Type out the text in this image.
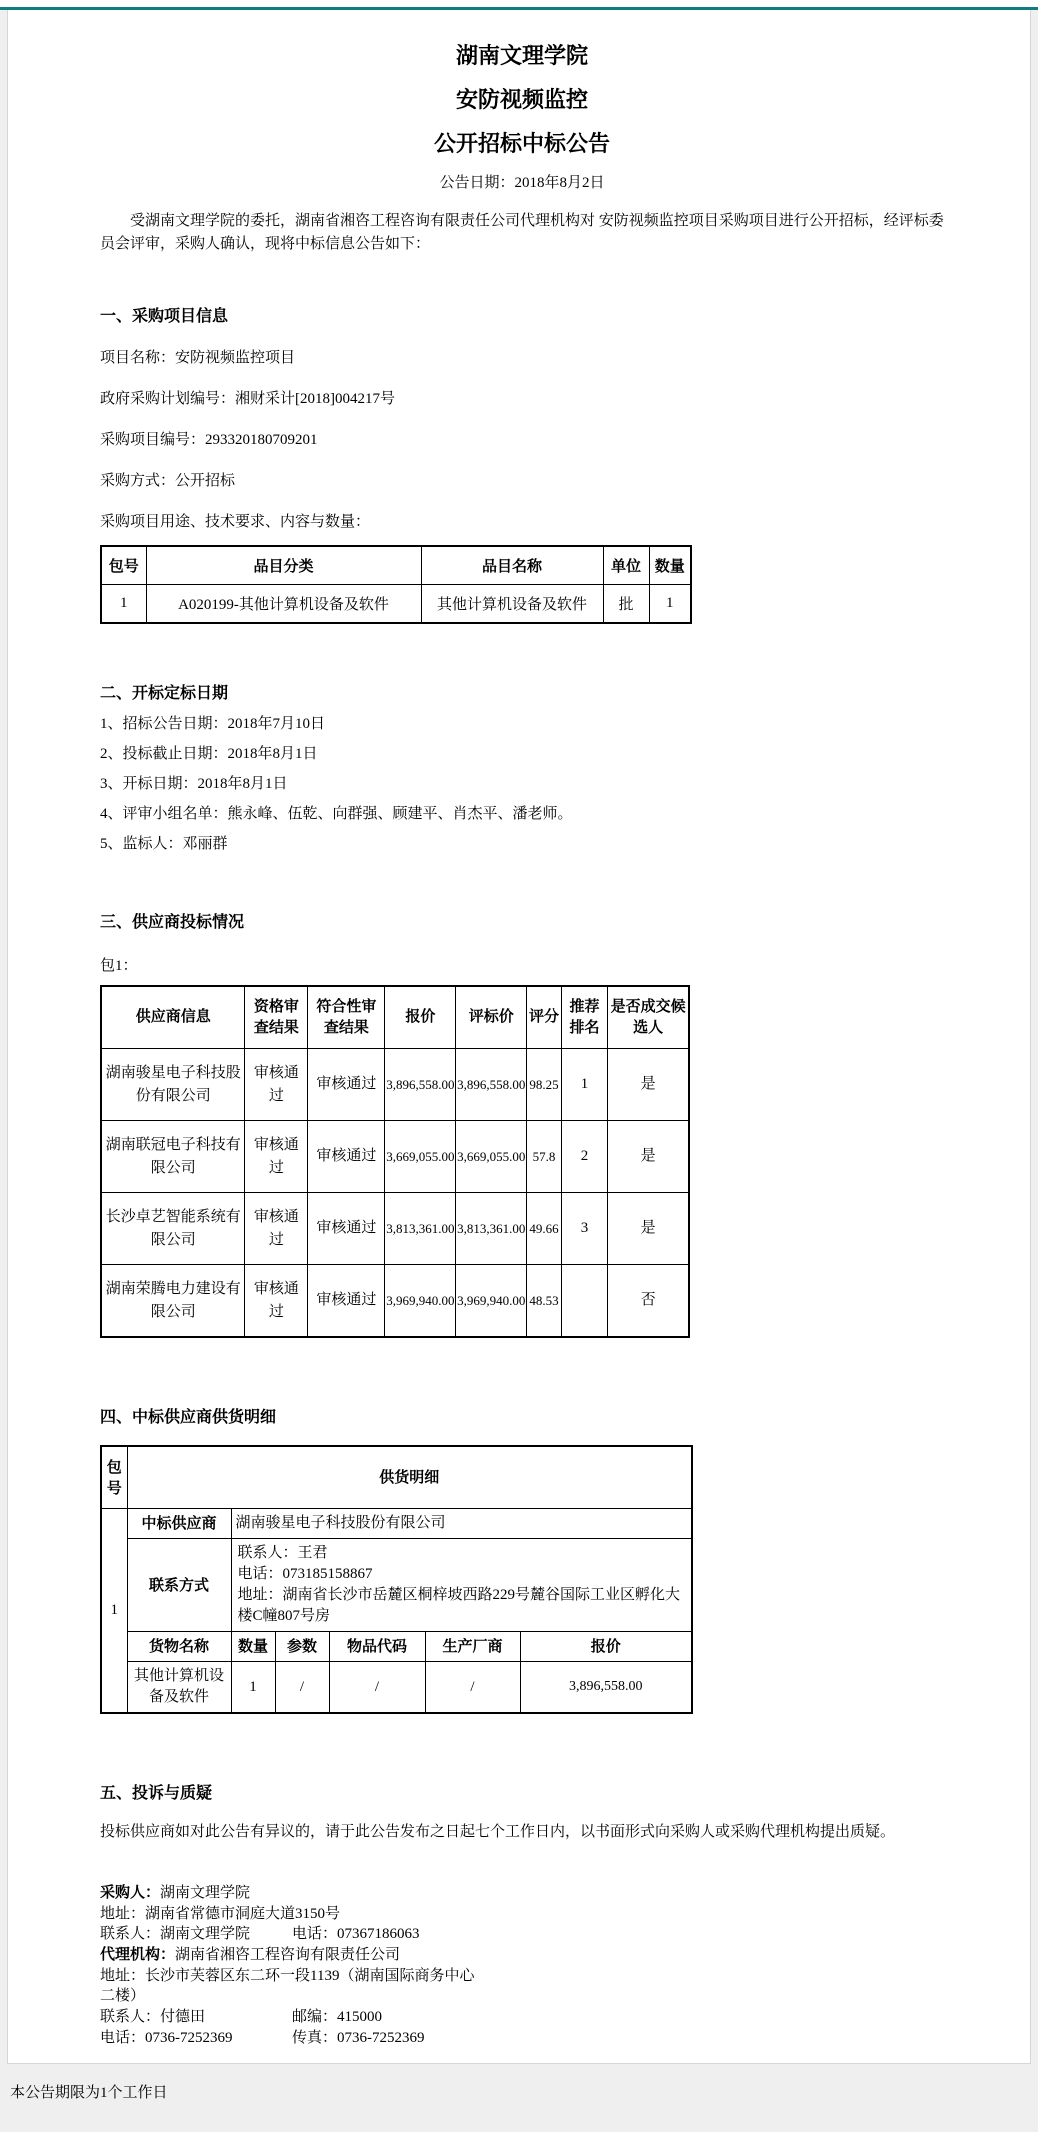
湖南文理学院
安防视频监控
公开招标中标公告

公告日期：2018年8月2日

受湖南文理学院的委托，湖南省湘咨工程咨询有限责任公司代理机构对 安防视频监控项目采购项目进行公开招标，经评标委员会评审，采购人确认，现将中标信息公告如下：

一、采购项目信息

项目名称：安防视频监控项目

政府采购计划编号：湘财采计[2018]004217号

采购项目编号：293320180709201

采购方式：公开招标

采购项目用途、技术要求、内容与数量：

包号	品目分类	品目名称	单位	数量
1	A020199-其他计算机设备及软件	其他计算机设备及软件	批	1

二、开标定标日期

1、招标公告日期：2018年7月10日

2、投标截止日期：2018年8月1日

3、开标日期：2018年8月1日

4、评审小组名单：熊永峰、伍乾、向群强、顾建平、肖杰平、潘老师。

5、监标人：邓丽群

三、供应商投标情况

包1：

供应商信息	资格审查结果	符合性审查结果	报价	评标价	评分	推荐排名	是否成交候选人
湖南骏星电子科技股份有限公司	审核通过	审核通过	3,896,558.00	3,896,558.00	98.25	1	是
湖南联冠电子科技有限公司	审核通过	审核通过	3,669,055.00	3,669,055.00	57.8	2	是
长沙卓艺智能系统有限公司	审核通过	审核通过	3,813,361.00	3,813,361.00	49.66	3	是
湖南荣腾电力建设有限公司	审核通过	审核通过	3,969,940.00	3,969,940.00	48.53		否

四、中标供应商供货明细

包号	供货明细					
1	中标供应商	湖南骏星电子科技股份有限公司				
	联系方式	联系人：王君
电话：073185158867
地址：湖南省长沙市岳麓区桐梓坡西路229号麓谷国际工业区孵化大楼C幢807号房				

	货物名称	数量	参数	物品代码	生产厂商	报价
	其他计算机设备及软件	1	/	/	/	3,896,558.00

五、投诉与质疑

投标供应商如对此公告有异议的，请于此公告发布之日起七个工作日内，以书面形式向采购人或采购代理机构提出质疑。

采购人：湖南文理学院
地址：湖南省常德市洞庭大道3150号
联系人：湖南文理学院	电话：07367186063
代理机构：湖南省湘咨工程咨询有限责任公司
地址：长沙市芙蓉区东二环一段1139（湖南国际商务中心
二楼）
联系人：付德田	邮编：415000
电话：0736-7252369	传真：0736-7252369

本公告期限为1个工作日
